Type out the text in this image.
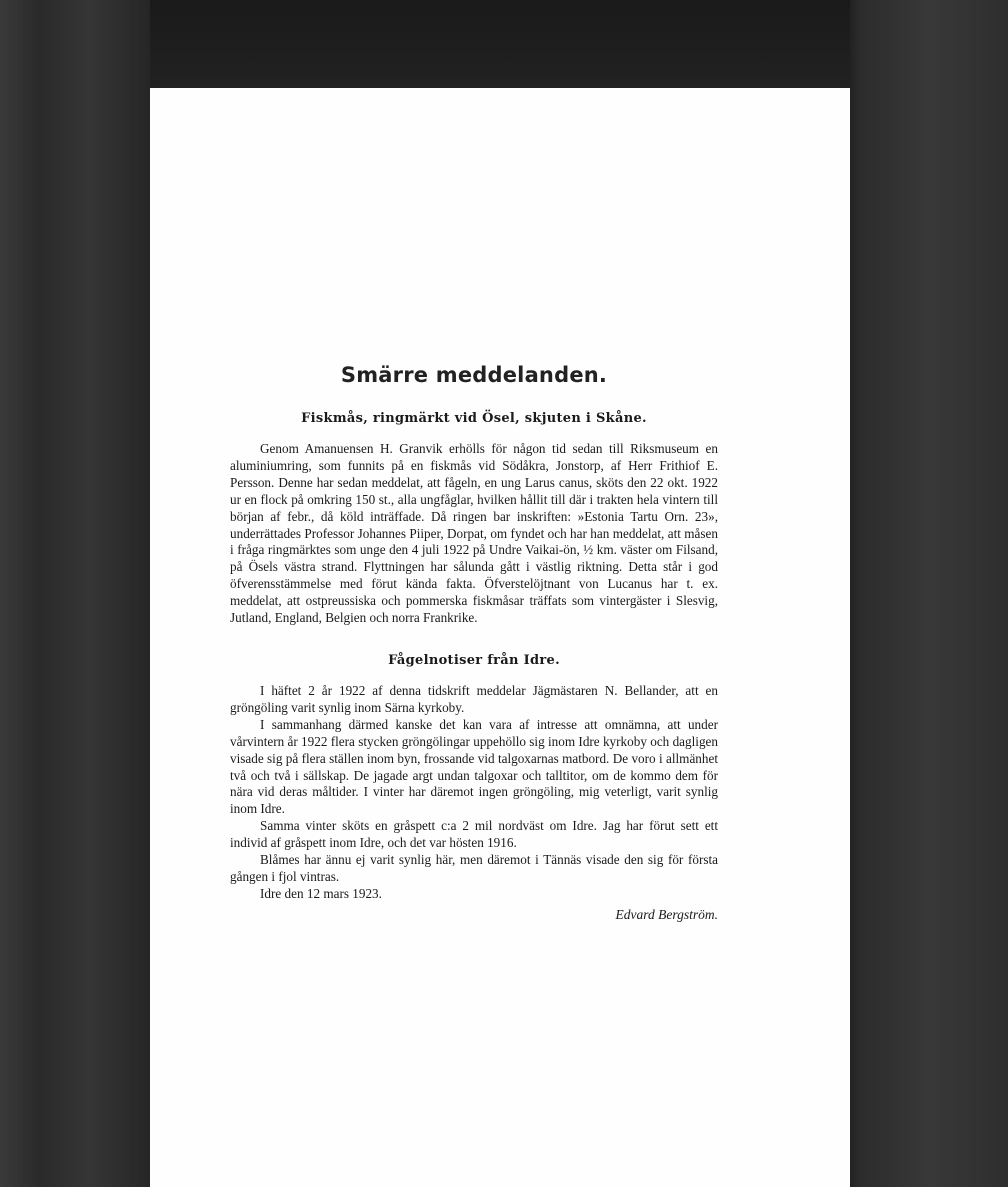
Smärre meddelanden.
Fiskmås, ringmärkt vid Ösel, skjuten i Skåne.

Genom Amanuensen H. Granvik erhölls för någon tid sedan till Riksmuseum en aluminiumring, som funnits på en fiskmås vid Södåkra, Jonstorp, af Herr Frithiof E. Persson. Denne har sedan meddelat, att fågeln, en ung Larus canus, sköts den 22 okt. 1922 ur en flock på omkring 150 st., alla ungfåglar, hvilken hållit till där i trakten hela vintern till början af febr., då köld inträffade. Då ringen bar inskriften: »Estonia Tartu Orn. 23», underrättades Professor Johannes Piiper, Dorpat, om fyndet och har han meddelat, att måsen i fråga ringmärktes som unge den 4 juli 1922 på Undre Vaikai-ön, ½ km. väster om Filsand, på Ösels västra strand. Flyttningen har sålunda gått i västlig riktning. Detta står i god öfverensstämmelse med förut kända fakta. Öfverstelöjtnant von Lucanus har t. ex. meddelat, att ostpreussiska och pommerska fiskmåsar träffats som vintergäster i Slesvig, Jutland, England, Belgien och norra Frankrike.

Fågelnotiser från Idre.

I häftet 2 år 1922 af denna tidskrift meddelar Jägmästaren N. Bellander, att en gröngöling varit synlig inom Särna kyrkoby.

I sammanhang därmed kanske det kan vara af intresse att omnämna, att under vårvintern år 1922 flera stycken gröngölingar uppehöllo sig inom Idre kyrkoby och dagligen visade sig på flera ställen inom byn, frossande vid talgoxarnas matbord. De voro i allmänhet två och två i sällskap. De jagade argt undan talgoxar och talltitor, om de kommo dem för nära vid deras måltider. I vinter har däremot ingen gröngöling, mig veterligt, varit synlig inom Idre.

Samma vinter sköts en gråspett c:a 2 mil nordväst om Idre. Jag har förut sett ett individ af gråspett inom Idre, och det var hösten 1916.

Blåmes har ännu ej varit synlig här, men däremot i Tännäs visade den sig för första gången i fjol vintras.

Idre den 12 mars 1923.

Edvard Bergström.
